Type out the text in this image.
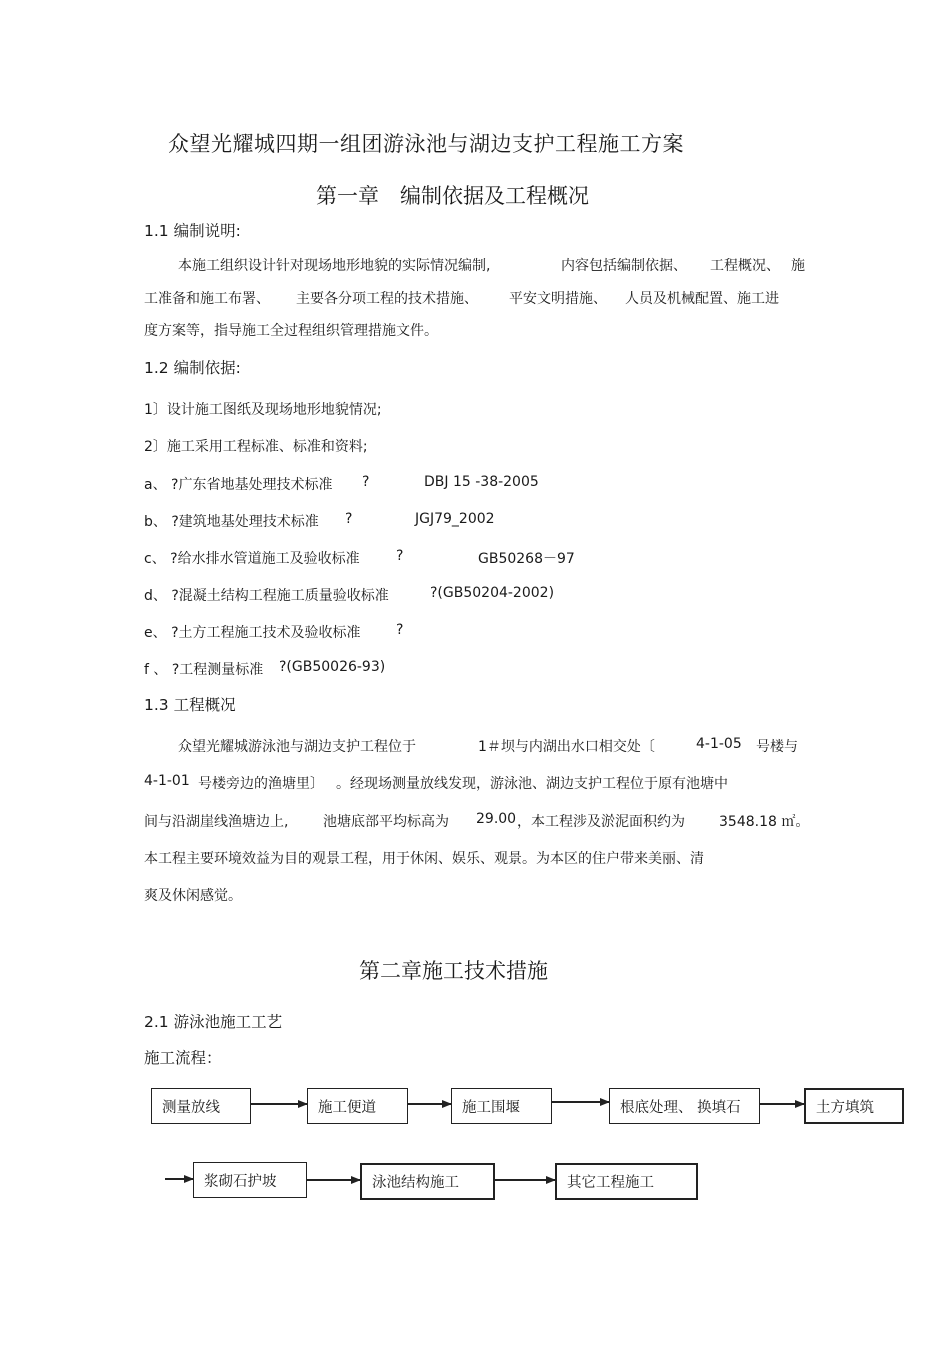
众望光耀城四期一组团游泳池与湖边支护工程施工方案
第一章　编制依据及工程概况
1.1 编制说明:
本施工组织设计针对现场地形地貌的实际情况编制,	内容包括编制依据、 工程概况、 施
工准备和施工布署、 主要各分项工程的技术措施、 平安文明措施、 人员及机械配置、施工进
度方案等，指导施工全过程组织管理措施文件。
1.2 编制依据:
1〕设计施工图纸及现场地形地貌情况;
2〕施工采用工程标准、标准和资料;
a、 ?广东省地基处理技术标准 ?	DBJ 15 -38-2005
b、 ?建筑地基处理技术标准 ?	JGJ79_2002
c、 ?给水排水管道施工及验收标准	?	GB50268－97
d、 ?混凝土结构工程施工质量验收标准	?(GB50204-2002)
e、 ?土方工程施工技术及验收标准	?
f 、 ?工程测量标准 ?(GB50026-93)
1.3 工程概况
众望光耀城游泳池与湖边支护工程位于	1＃坝与内湖出水口相交处〔	4-1-05 号楼与
4-1-01 号楼旁边的渔塘里〕 。经现场测量放线发现，游泳池、湖边支护工程位于原有池塘中
间与沿湖崖线渔塘边上, 池塘底部平均标高为 29.00 ，本工程涉及淤泥面积约为 3548.18 ㎡。
本工程主要环境效益为目的观景工程，用于休闲、娱乐、观景。为本区的住户带来美丽、清
爽及休闲感觉。
第二章施工技术措施
2.1 游泳池施工工艺
施工流程：
测量放线	施工便道	施工围堰	根底处理、 换填石	土方填筑
浆砌石护坡	泳池结构施工	其它工程施工
